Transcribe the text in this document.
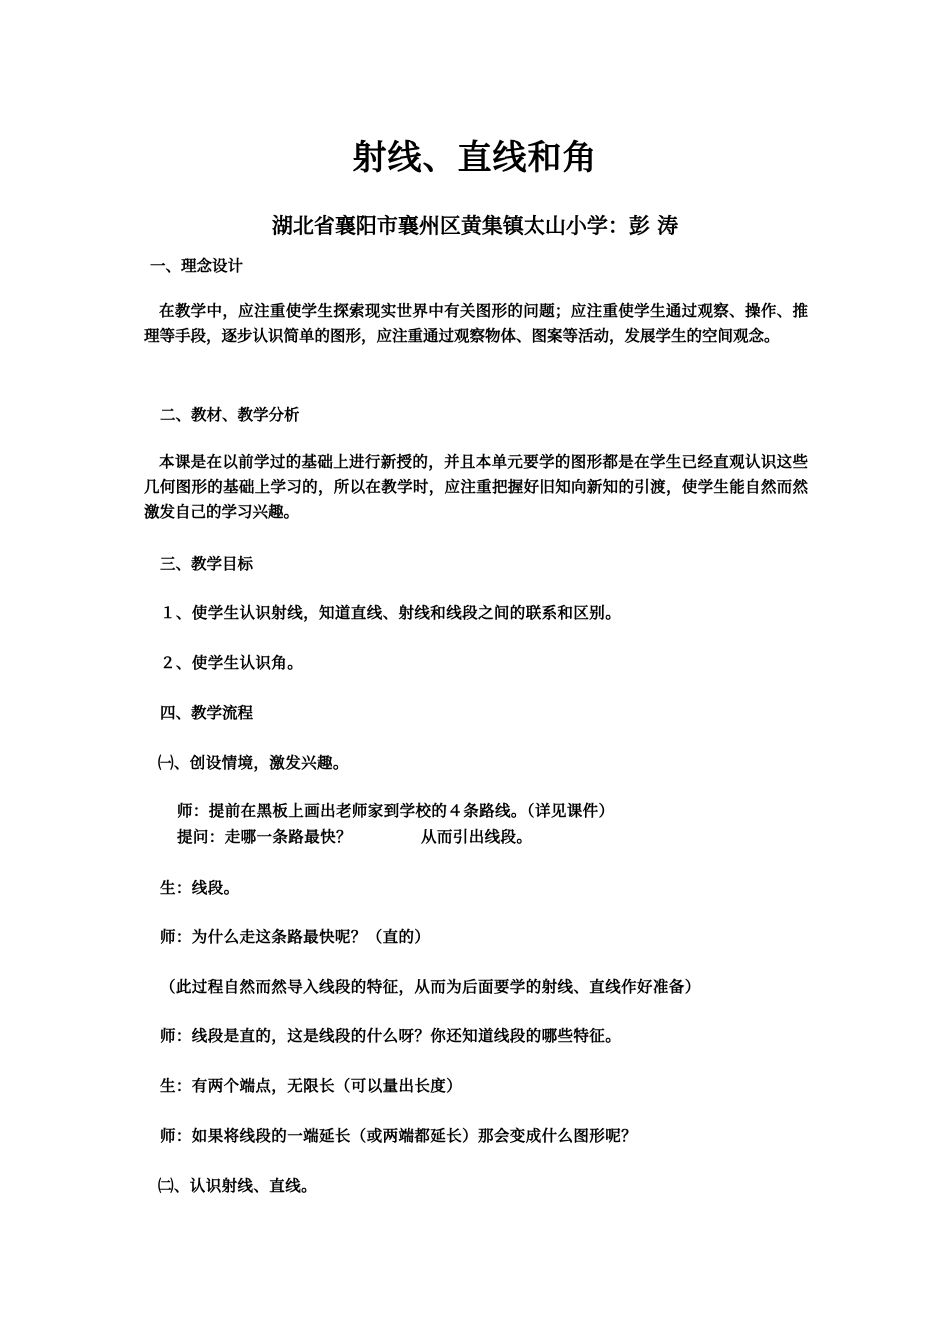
射线、直线和角
湖北省襄阳市襄州区黄集镇太山小学：彭 涛
一、理念设计
在教学中，应注重使学生探索现实世界中有关图形的问题；应注重使学生通过观察、操作、推理等手段，逐步认识简单的图形，应注重通过观察物体、图案等活动，发展学生的空间观念。
二、教材、教学分析
本课是在以前学过的基础上进行新授的，并且本单元要学的图形都是在学生已经直观认识这些几何图形的基础上学习的，所以在教学时，应注重把握好旧知向新知的引渡，使学生能自然而然激发自己的学习兴趣。
三、教学目标
１、使学生认识射线，知道直线、射线和线段之间的联系和区别。
２、使学生认识角。
四、教学流程
㈠、创设情境，激发兴趣。
师：提前在黑板上画出老师家到学校的４条路线。（详见课件）
提问：走哪一条路最快？	从而引出线段。
生：线段。
师：为什么走这条路最快呢？（直的）
（此过程自然而然导入线段的特征，从而为后面要学的射线、直线作好准备）
师：线段是直的，这是线段的什么呀？你还知道线段的哪些特征。
生：有两个端点，无限长（可以量出长度）
师：如果将线段的一端延长（或两端都延长）那会变成什么图形呢？
㈡、认识射线、直线。
